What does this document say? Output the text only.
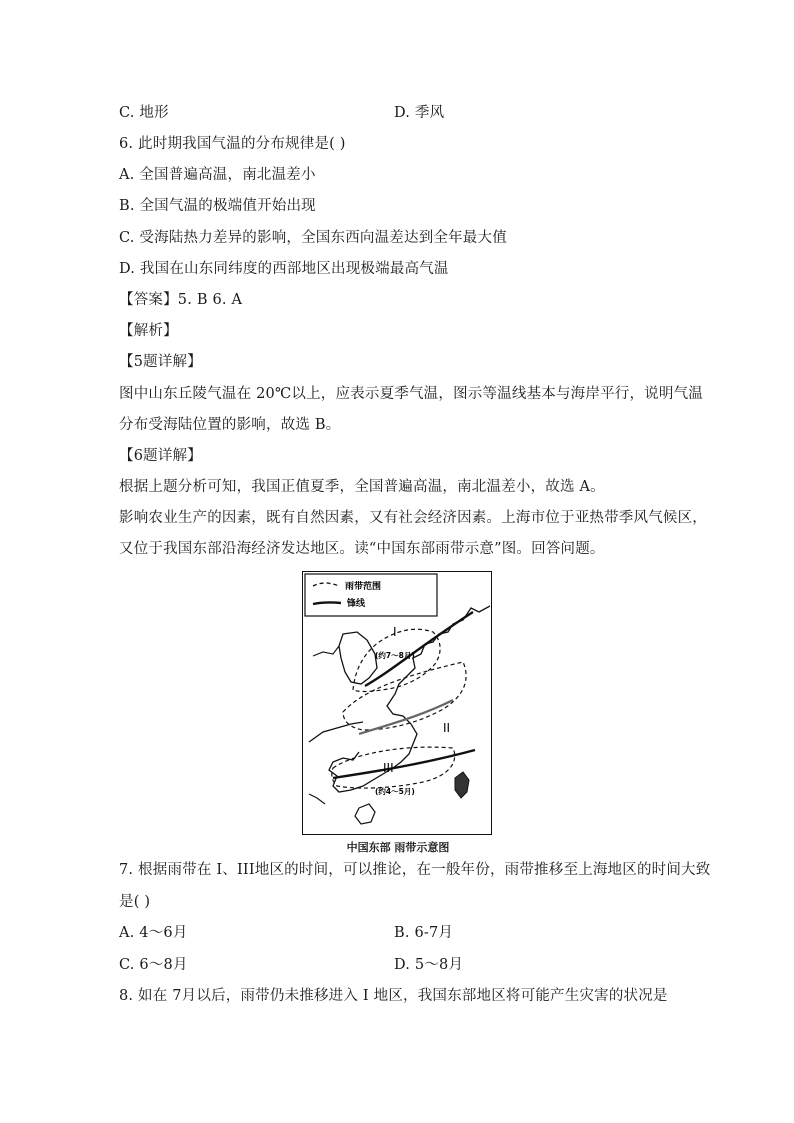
C. 地形	D. 季风
6. 此时期我国气温的分布规律是( )
A. 全国普遍高温，南北温差小
B. 全国气温的极端值开始出现
C. 受海陆热力差异的影响，全国东西向温差达到全年最大值
D. 我国在山东同纬度的西部地区出现极端最高气温
【答案】5. B 6. A
【解析】
【5题详解】
图中山东丘陵气温在 20℃以上，应表示夏季气温，图示等温线基本与海岸平行，说明气温
分布受海陆位置的影响，故选 B。
【6题详解】
根据上题分析可知，我国正值夏季，全国普遍高温，南北温差小，故选 A。
影响农业生产的因素，既有自然因素，又有社会经济因素。上海市位于亚热带季风气候区，
又位于我国东部沿海经济发达地区。读“中国东部雨带示意”图。回答问题。
雨带范围
锋线
I
(约7～8月)
II
III
(约4～5月)
中国东部 雨带示意图
7. 根据雨带在 I、III地区的时间，可以推论，在一般年份，雨带推移至上海地区的时间大致
是( )
A. 4～6月	B. 6-7月
C. 6～8月	D. 5～8月
8. 如在 7月以后，雨带仍未推移进入 I 地区，我国东部地区将可能产生灾害的状况是
